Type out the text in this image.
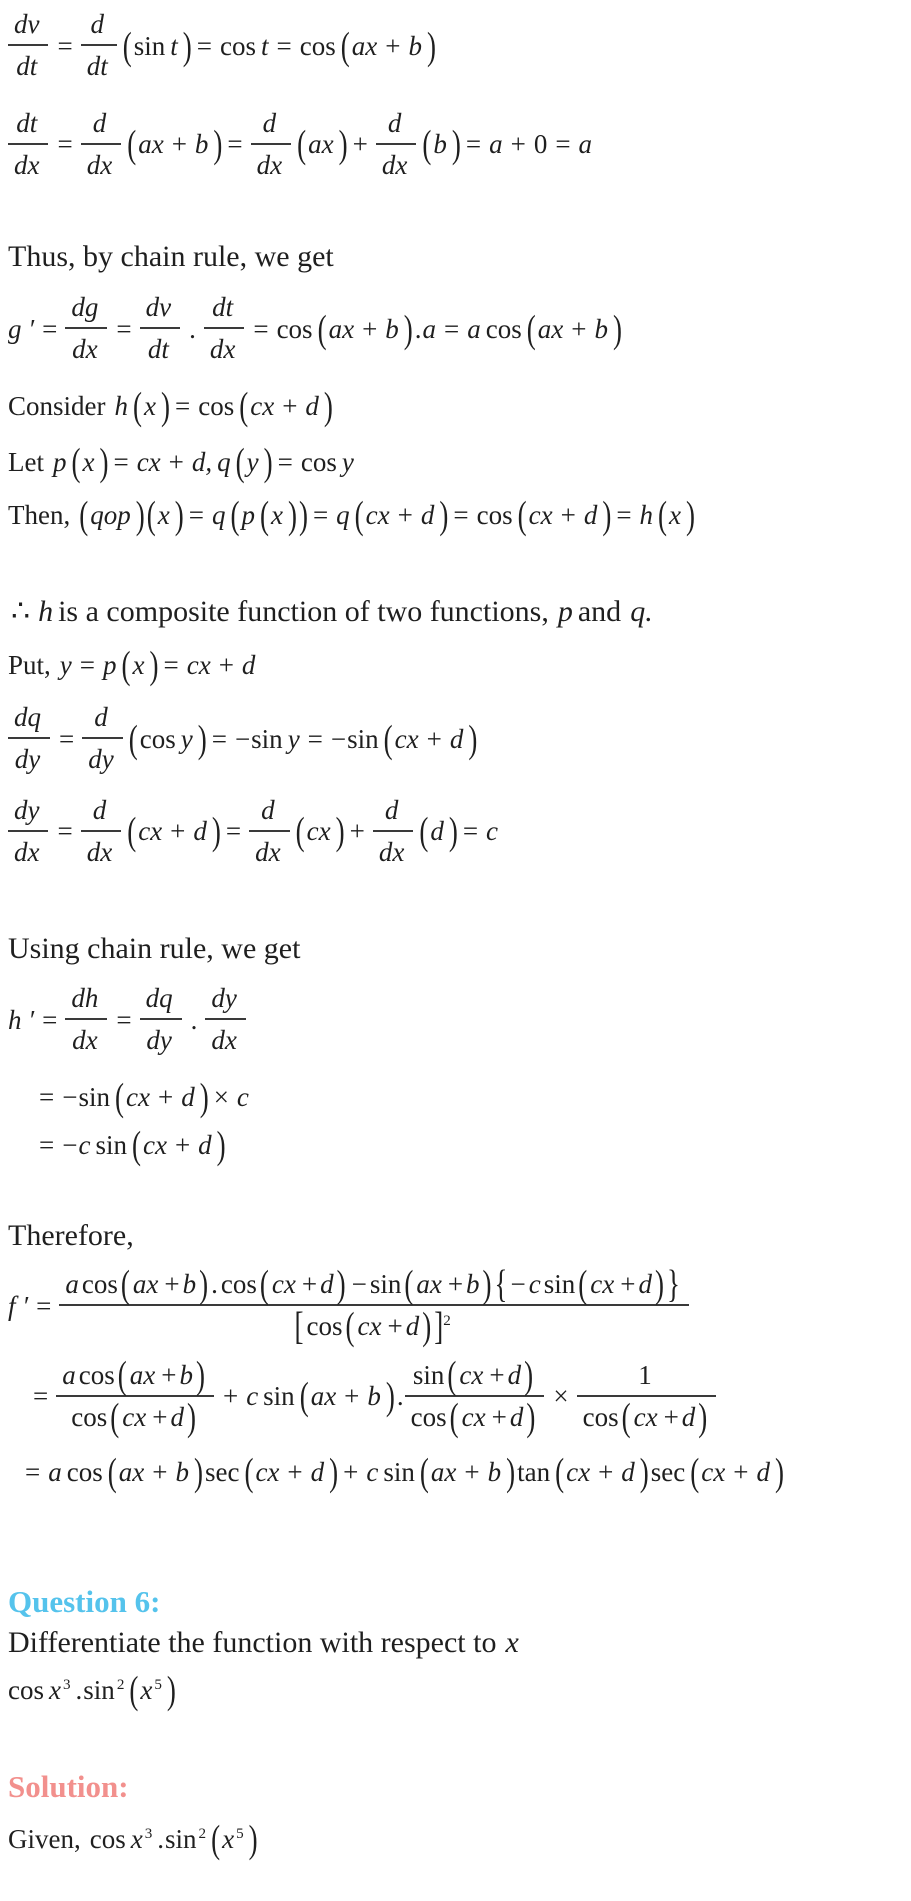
$\frac{dv}{dt} = \frac{d}{dt} (\sin$ t ) = cos t = cos (ax + b )
$\frac{dt}{dx} = \frac{d}{dx} (ax + b$ ) = $\frac{d}{dx} (ax$ ) + $\frac{d}{dx} (b$ ) = a + 0 = a
Thus, by chain rule, we get
g ′ = $\frac{dg}{dx} = \frac{dv}{dt}$ . $\frac{dt}{dx} = \cos (ax + b$ ).a = a cos (ax + b )
Consider h (x ) = cos (cx + d )
Let p (x ) = cx + d, q (y ) = cos y
Then, (qop )(x ) = q (p (x )) = q (cx + d ) = cos (cx + d ) = h (x )
∴ h is a composite function of two functions, p and q.
Put, y = p (x ) = cx + d
$\frac{dq}{dy} = \frac{d}{dy} (\cos$ y ) = −sin y = −sin (cx + d )
$\frac{dy}{dx} = \frac{d}{dx} (cx + d$ ) = $\frac{d}{dx} (cx$ ) + $\frac{d}{dx} (d$ ) = c
Using chain rule, we get
h ′ = $\frac{dh}{dx} = \frac{dq}{dy}$ . $\frac{dy}{dx}$
= −sin (cx + d ) × c
= −c sin (cx + d )
Therefore,
f ′ = $\frac{\text{a cos ( ax + b ) . cos ( cx + d ) − sin ( ax + b ) \{ − c sin ( cx + d ) \}}}{[ \cos ( cx + d ) ]2}$
= $\frac{\text{a cos ( ax + b )}}{\cos ( cx + d )} + c$ sin (ax + b ). $\frac{\sin ( cx + d )}{\cos ( cx + d )} \times \frac{1}{\cos ( cx + d )}$
= a cos (ax + b )sec (cx + d ) + c sin (ax + b )tan (cx + d )sec (cx + d )
Question 6:
Differentiate the function with respect to x
cos x 3 .sin 2 (x 5 )
Solution:
Given, cos x 3 .sin 2 (x 5 )
